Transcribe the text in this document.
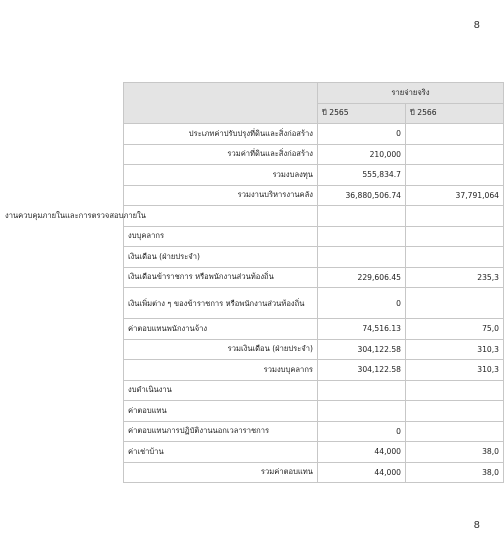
8
	รายจ่ายจริง	
	ปี 2565	ปี 2566
ประเภทค่าปรับปรุงที่ดินและสิ่งก่อสร้าง	0	
รวมค่าที่ดินและสิ่งก่อสร้าง	210,000	
รวมงบลงทุน	555,834.7	
รวมงานบริหารงานคลัง	36,880,506.74	37,791,064
งานควบคุมภายในและการตรวจสอบภายใน		
งบบุคลากร		
เงินเดือน (ฝ่ายประจำ)		
เงินเดือนข้าราชการ หรือพนักงานส่วนท้องถิ่น	229,606.45	235,3
เงินเพิ่มต่าง ๆ ของข้าราชการ หรือพนักงานส่วนท้องถิ่น	0	
ค่าตอบแทนพนักงานจ้าง	74,516.13	75,0
รวมเงินเดือน (ฝ่ายประจำ)	304,122.58	310,3
รวมงบบุคลากร	304,122.58	310,3
งบดำเนินงาน		
ค่าตอบแทน		
ค่าตอบแทนการปฏิบัติงานนอกเวลาราชการ	0	
ค่าเช่าบ้าน	44,000	38,0
รวมค่าตอบแทน	44,000	38,0
8
